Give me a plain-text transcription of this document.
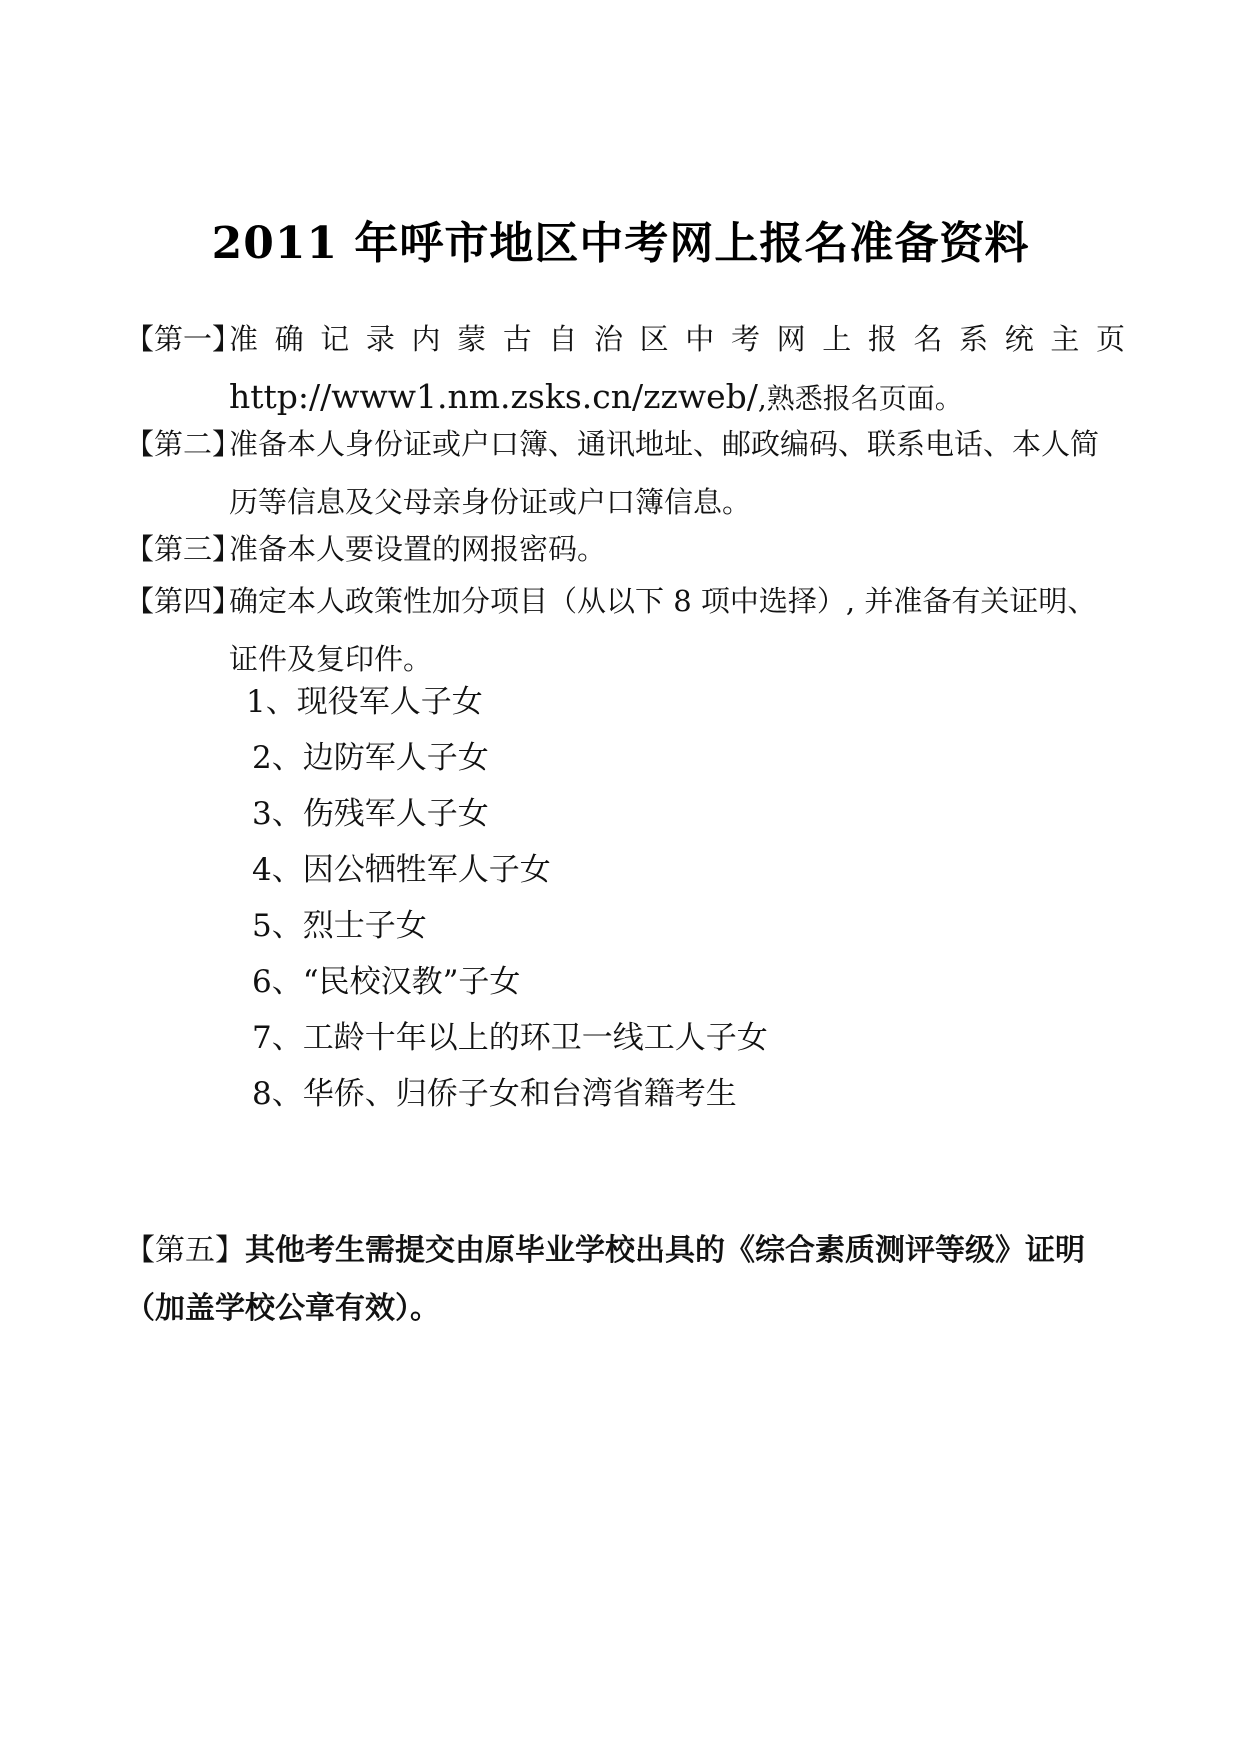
2011 年呼市地区中考网上报名准备资料
【第一】
准 确 记 录 内 蒙 古 自 治 区 中 考 网 上 报 名 系 统 主 页
http://www1.nm.zsks.cn/zzweb/,熟悉报名页面。
【第二】
准备本人身份证或户口簿、通讯地址、邮政编码、联系电话、本人简历等信息及父母亲身份证或户口簿信息。
【第三】
准备本人要设置的网报密码。
【第四】
确定本人政策性加分项目（从以下 8 项中选择）, 并准备有关证明、证件及复印件。
1、现役军人子女
2、边防军人子女
3、伤残军人子女
4、因公牺牲军人子女
5、烈士子女
6、“民校汉教”子女
7、工龄十年以上的环卫一线工人子女
8、华侨、归侨子女和台湾省籍考生
【第五】其他考生需提交由原毕业学校出具的《综合素质测评等级》证明
（加盖学校公章有效）。
